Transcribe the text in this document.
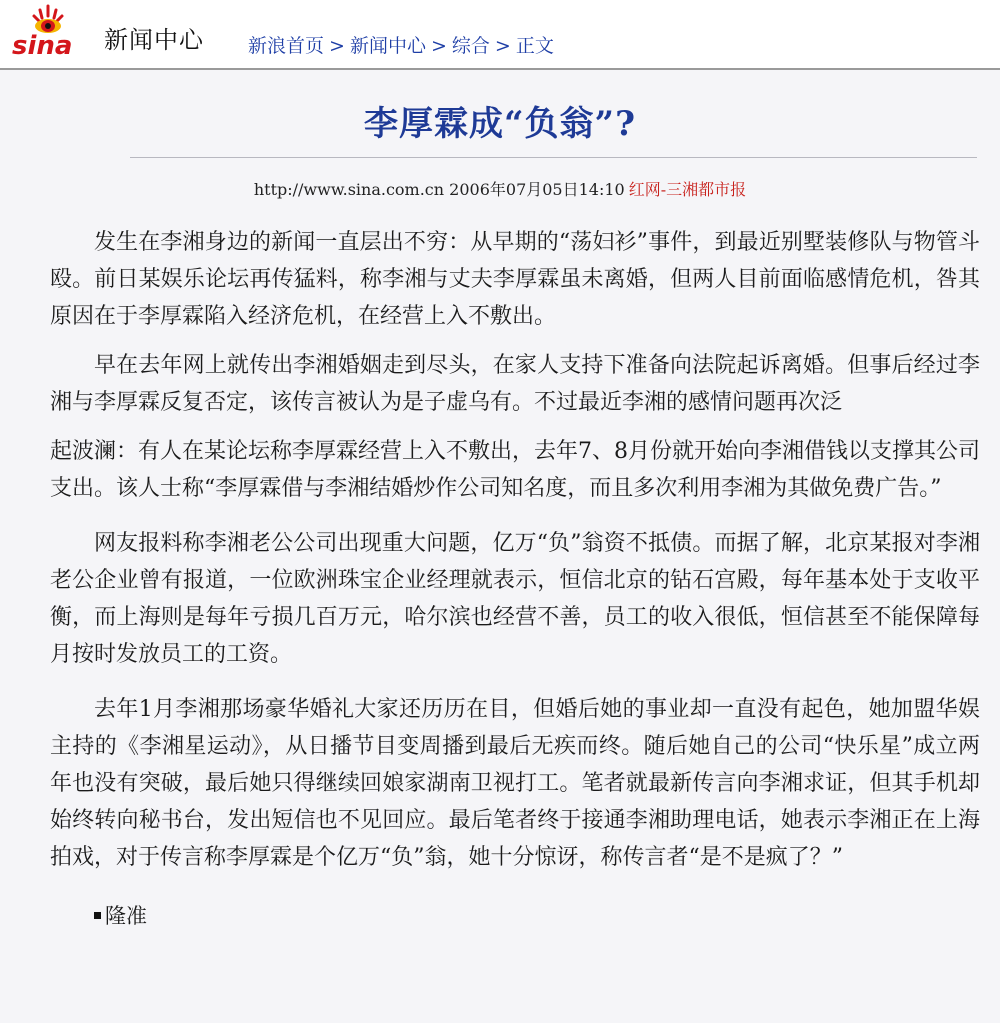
sina 新闻中心 新浪首页 > 新闻中心 > 综合 > 正文
李厚霖成“负翁”?
http://www.sina.com.cn 2006年07月05日14:10 红网-三湘都市报

发生在李湘身边的新闻一直层出不穷：从早期的“荡妇衫”事件，到最近别墅装修队与物管斗殴。前日某娱乐论坛再传猛料，称李湘与丈夫李厚霖虽未离婚，但两人目前面临感情危机，咎其原因在于李厚霖陷入经济危机，在经营上入不敷出。

早在去年网上就传出李湘婚姻走到尽头，在家人支持下准备向法院起诉离婚。但事后经过李湘与李厚霖反复否定，该传言被认为是子虚乌有。不过最近李湘的感情问题再次泛

起波澜：有人在某论坛称李厚霖经营上入不敷出，去年7、8月份就开始向李湘借钱以支撑其公司支出。该人士称“李厚霖借与李湘结婚炒作公司知名度，而且多次利用李湘为其做免费广告。”

网友报料称李湘老公公司出现重大问题，亿万“负”翁资不抵债。而据了解，北京某报对李湘老公企业曾有报道，一位欧洲珠宝企业经理就表示，恒信北京的钻石宫殿，每年基本处于支收平衡，而上海则是每年亏损几百万元，哈尔滨也经营不善，员工的收入很低，恒信甚至不能保障每月按时发放员工的工资。

去年1月李湘那场豪华婚礼大家还历历在目，但婚后她的事业却一直没有起色，她加盟华娱主持的《李湘星运动》，从日播节目变周播到最后无疾而终。随后她自己的公司“快乐星”成立两年也没有突破，最后她只得继续回娘家湖南卫视打工。笔者就最新传言向李湘求证，但其手机却始终转向秘书台，发出短信也不见回应。最后笔者终于接通李湘助理电话，她表示李湘正在上海拍戏，对于传言称李厚霖是个亿万“负”翁，她十分惊讶，称传言者“是不是疯了？”

隆准
